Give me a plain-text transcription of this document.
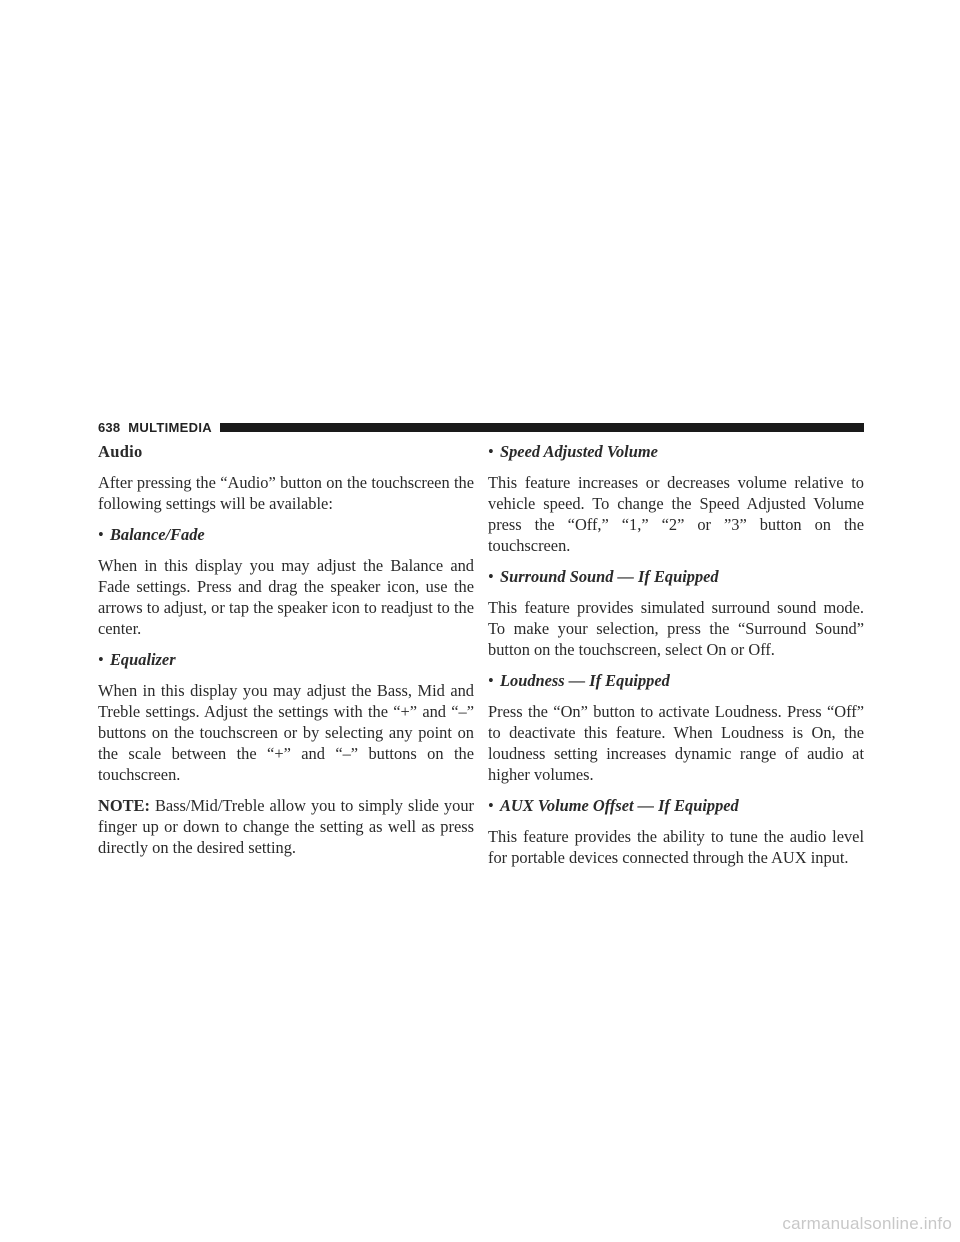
638 MULTIMEDIA
Audio

After pressing the “Audio” button on the touchscreen the following settings will be available:

• Balance/Fade

When in this display you may adjust the Balance and Fade settings. Press and drag the speaker icon, use the arrows to adjust, or tap the speaker icon to readjust to the center.

• Equalizer

When in this display you may adjust the Bass, Mid and Treble settings. Adjust the settings with the “+” and “–” buttons on the touchscreen or by selecting any point on the scale between the “+” and “–” buttons on the touchscreen.

NOTE: Bass/Mid/Treble allow you to simply slide your finger up or down to change the setting as well as press directly on the desired setting.

• Speed Adjusted Volume

This feature increases or decreases volume relative to vehicle speed. To change the Speed Adjusted Volume press the “Off,” “1,” “2” or ”3” button on the touchscreen.

• Surround Sound — If Equipped

This feature provides simulated surround sound mode. To make your selection, press the “Surround Sound” button on the touchscreen, select On or Off.

• Loudness — If Equipped

Press the “On” button to activate Loudness. Press “Off” to deactivate this feature. When Loudness is On, the loudness setting increases dynamic range of audio at higher volumes.

• AUX Volume Offset — If Equipped

This feature provides the ability to tune the audio level for portable devices connected through the AUX input.

carmanualsonline.info
